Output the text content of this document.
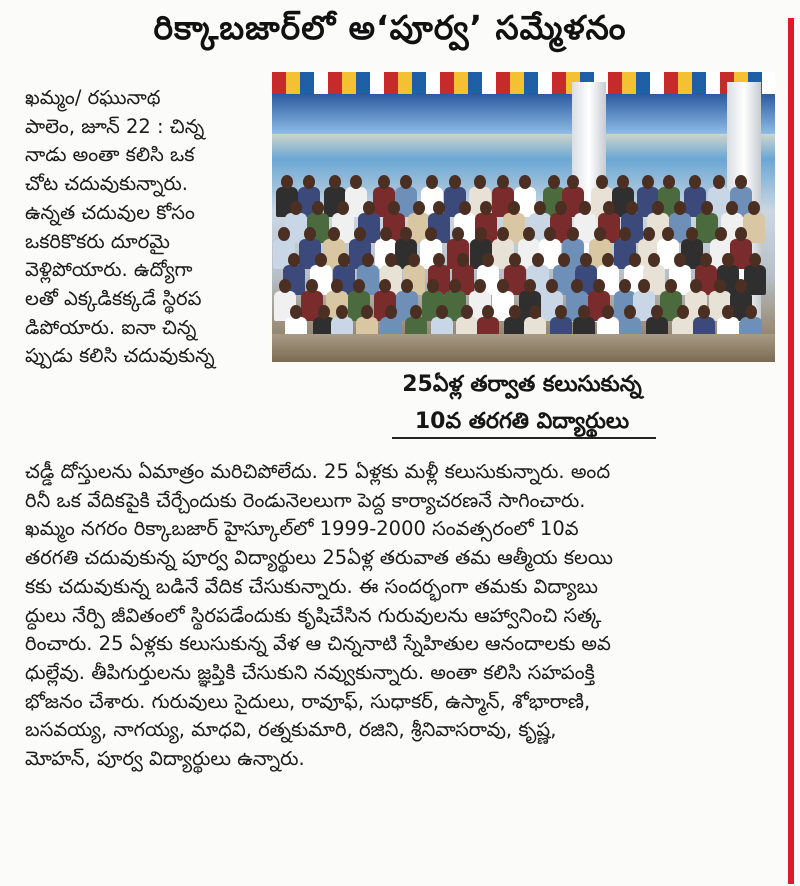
రిక్కాబజార్‌లో అ‘పూర్వ’ సమ్మేళనం
ఖమ్మం/ రఘునాథ
పాలెం, జూన్ 22 : చిన్న
నాడు అంతా కలిసి ఒక
చోట చదువుకున్నారు.
ఉన్నత చదువుల కోసం
ఒకరికొకరు దూరమై
వెళ్లిపోయారు. ఉద్యోగా
లతో ఎక్కడికక్కడే స్థిరప
డిపోయారు. ఐనా చిన్న
ప్పుడు కలిసి చదువుకున్న
25ఏళ్ల తర్వాత కలుసుకున్న
10వ తరగతి విద్యార్థులు
చడ్డీ దోస్తులను ఏమాత్రం మరిచిపోలేదు. 25 ఏళ్లకు మళ్లీ కలుసుకున్నారు. అంద
రినీ ఒక వేదికపైకి చేర్చేందుకు రెండునెలలుగా పెద్ద కార్యాచరణనే సాగించారు.
ఖమ్మం నగరం రిక్కాబజార్ హైస్కూల్‌లో 1999-2000 సంవత్సరంలో 10వ
తరగతి చదువుకున్న పూర్వ విద్యార్థులు 25ఏళ్ల తరువాత తమ ఆత్మీయ కలయి
కకు చదువుకున్న బడినే వేదిక చేసుకున్నారు. ఈ సందర్భంగా తమకు విద్యాబు
ద్ధులు నేర్పి జీవితంలో స్థిరపడేందుకు కృషిచేసిన గురువులను ఆహ్వానించి సత్క
రించారు. 25 ఏళ్లకు కలుసుకున్న వేళ ఆ చిన్ననాటి స్నేహితుల ఆనందాలకు అవ
ధుల్లేవు. తీపిగుర్తులను జ్ఞప్తికి చేసుకుని నవ్వుకున్నారు. అంతా కలిసి సహపంక్తి
భోజనం చేశారు. గురువులు సైదులు, రావూఫ్, సుధాకర్, ఉస్మాన్, శోభారాణి,
బసవయ్య, నాగయ్య, మాధవి, రత్నకుమారి, రజిని, శ్రీనివాసరావు, కృష్ణ,
మోహన్, పూర్వ విద్యార్థులు ఉన్నారు.
